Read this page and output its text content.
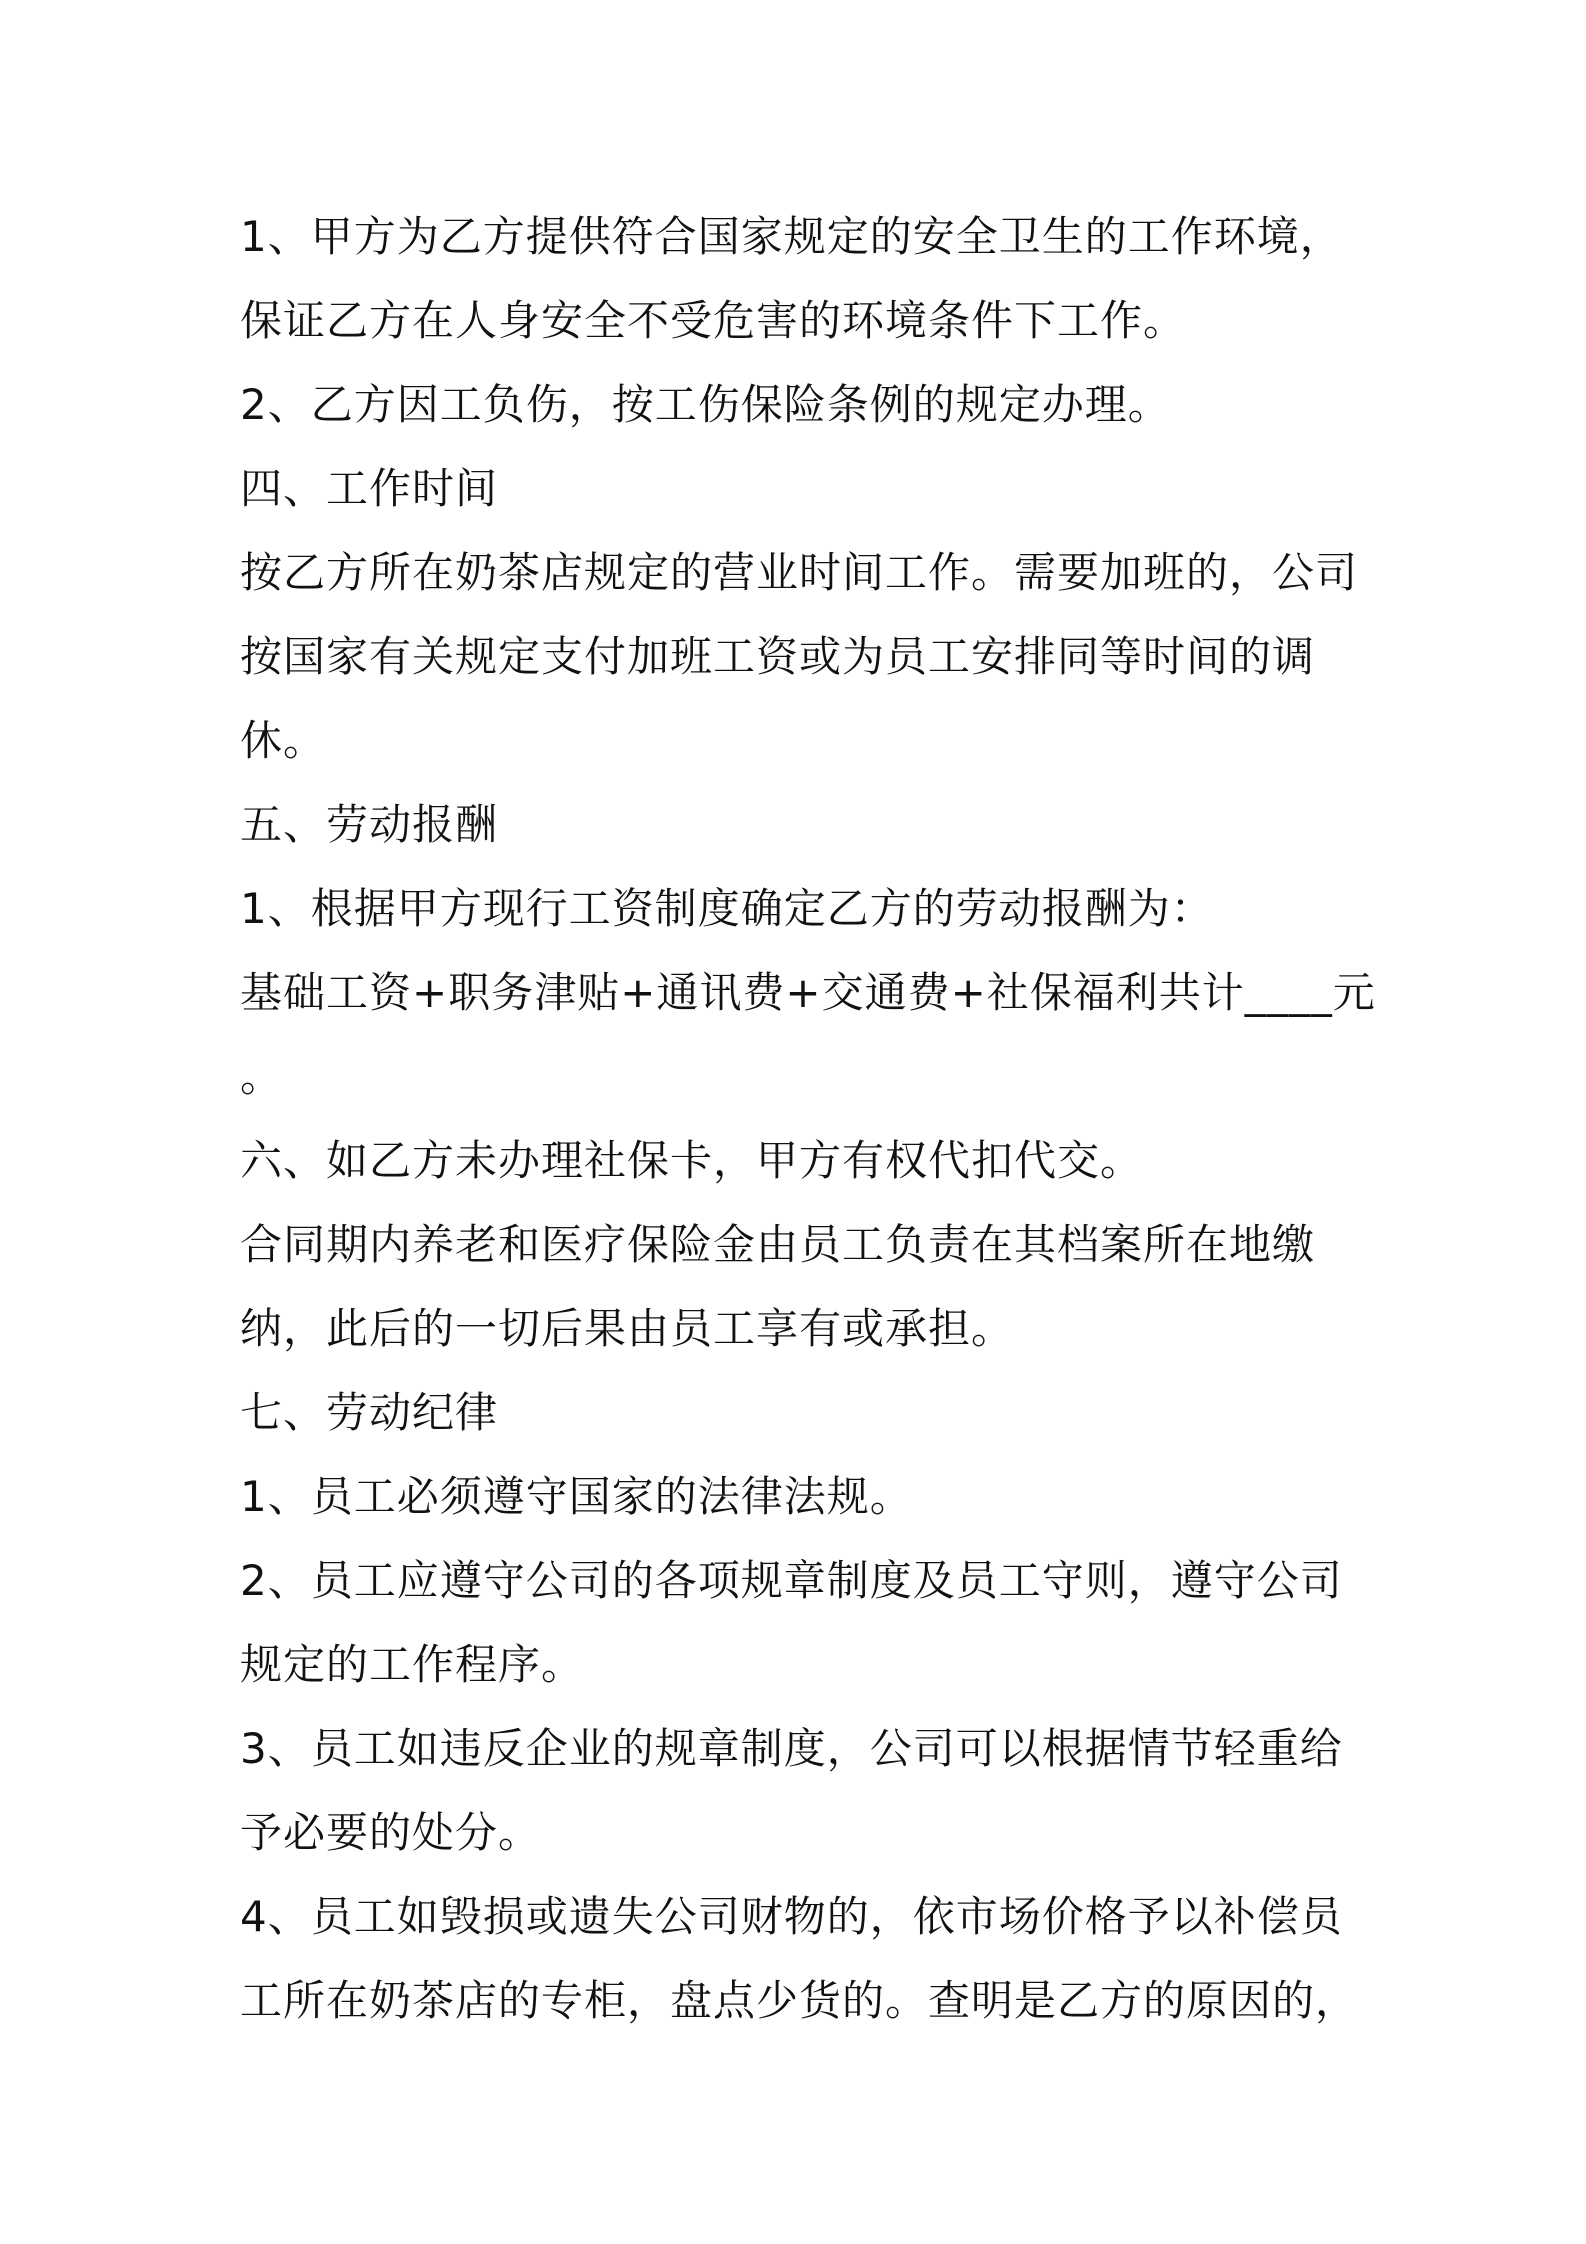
1、甲方为乙方提供符合国家规定的安全卫生的工作环境，
保证乙方在人身安全不受危害的环境条件下工作。
2、乙方因工负伤，按工伤保险条例的规定办理。
四、工作时间
按乙方所在奶茶店规定的营业时间工作。需要加班的，公司
按国家有关规定支付加班工资或为员工安排同等时间的调
休。
五、劳动报酬
1、根据甲方现行工资制度确定乙方的劳动报酬为：
基础工资+职务津贴+通讯费+交通费+社保福利共计____元
。
六、如乙方未办理社保卡，甲方有权代扣代交。
合同期内养老和医疗保险金由员工负责在其档案所在地缴
纳，此后的一切后果由员工享有或承担。
七、劳动纪律
1、员工必须遵守国家的法律法规。
2、员工应遵守公司的各项规章制度及员工守则，遵守公司
规定的工作程序。
3、员工如违反企业的规章制度，公司可以根据情节轻重给
予必要的处分。
4、员工如毁损或遗失公司财物的，依市场价格予以补偿员
工所在奶茶店的专柜，盘点少货的。查明是乙方的原因的，
